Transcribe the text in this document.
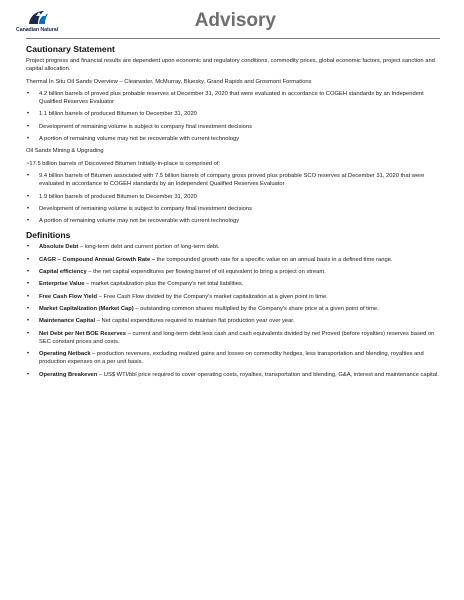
Canadian Natural	Advisory
Cautionary Statement

Project progress and financial results are dependent upon economic and regulatory conditions, commodity prices, global economic factors, project sanction and capital allocation.

Thermal In Situ Oil Sands Overview – Clearwater, McMurray, Bluesky, Grand Rapids and Grosmont Formations

• 4.2 billion barrels of proved plus probable reserves at December 31, 2020 that were evaluated in accordance to COGEH standards by an Independent Qualified Reserves Evaluator
• 1.1 billion barrels of produced Bitumen to December 31, 2020
• Development of remaining volume is subject to company final investment decisions
• A portion of remaining volume may not be recoverable with current technology

Oil Sands Mining & Upgrading

~17.5 billion barrels of Discovered Bitumen Initially-in-place is comprised of:

• 9.4 billion barrels of Bitumen associated with 7.5 billion barrels of company gross proved plus probable SCO reserves at December 31, 2020 that were evaluated in accordance to COGEH standards by an Independent Qualified Reserves Evaluator
• 1.9 billion barrels of produced Bitumen to December 31, 2020
• Development of remaining volume is subject to company final investment decisions
• A portion of remaining volume may not be recoverable with current technology
Definitions
• Absolute Debt – long-term debt and current portion of long-term debt.
• CAGR – Compound Annual Growth Rate – the compounded growth rate for a specific value on an annual basis in a defined time range.
• Capital efficiency – the net capital expenditures per flowing barrel of oil equivalent to bring a project on stream.
• Enterprise Value – market capitalization plus the Company's net total liabilities.
• Free Cash Flow Yield – Free Cash Flow divided by the Company's market capitalization at a given point in time.
• Market Capitalization (Market Cap) – outstanding common shares multiplied by the Company's share price at a given point of time.
• Maintenance Capital – Net capital expenditures required to maintain flat production year over year.
• Net Debt per Net BOE Reserves – current and long-term debt less cash and cash equivalents divided by net Proved (before royalties) reserves based on SEC constant prices and costs.
• Operating Netback – production revenues, excluding realized gains and losses on commodity hedges, less transportation and blending, royalties and production expenses on a per unit basis.
• Operating Breakeven – US$ WTI/bbl price required to cover operating costs, royalties, transportation and blending, G&A, interest and maintenance capital.
